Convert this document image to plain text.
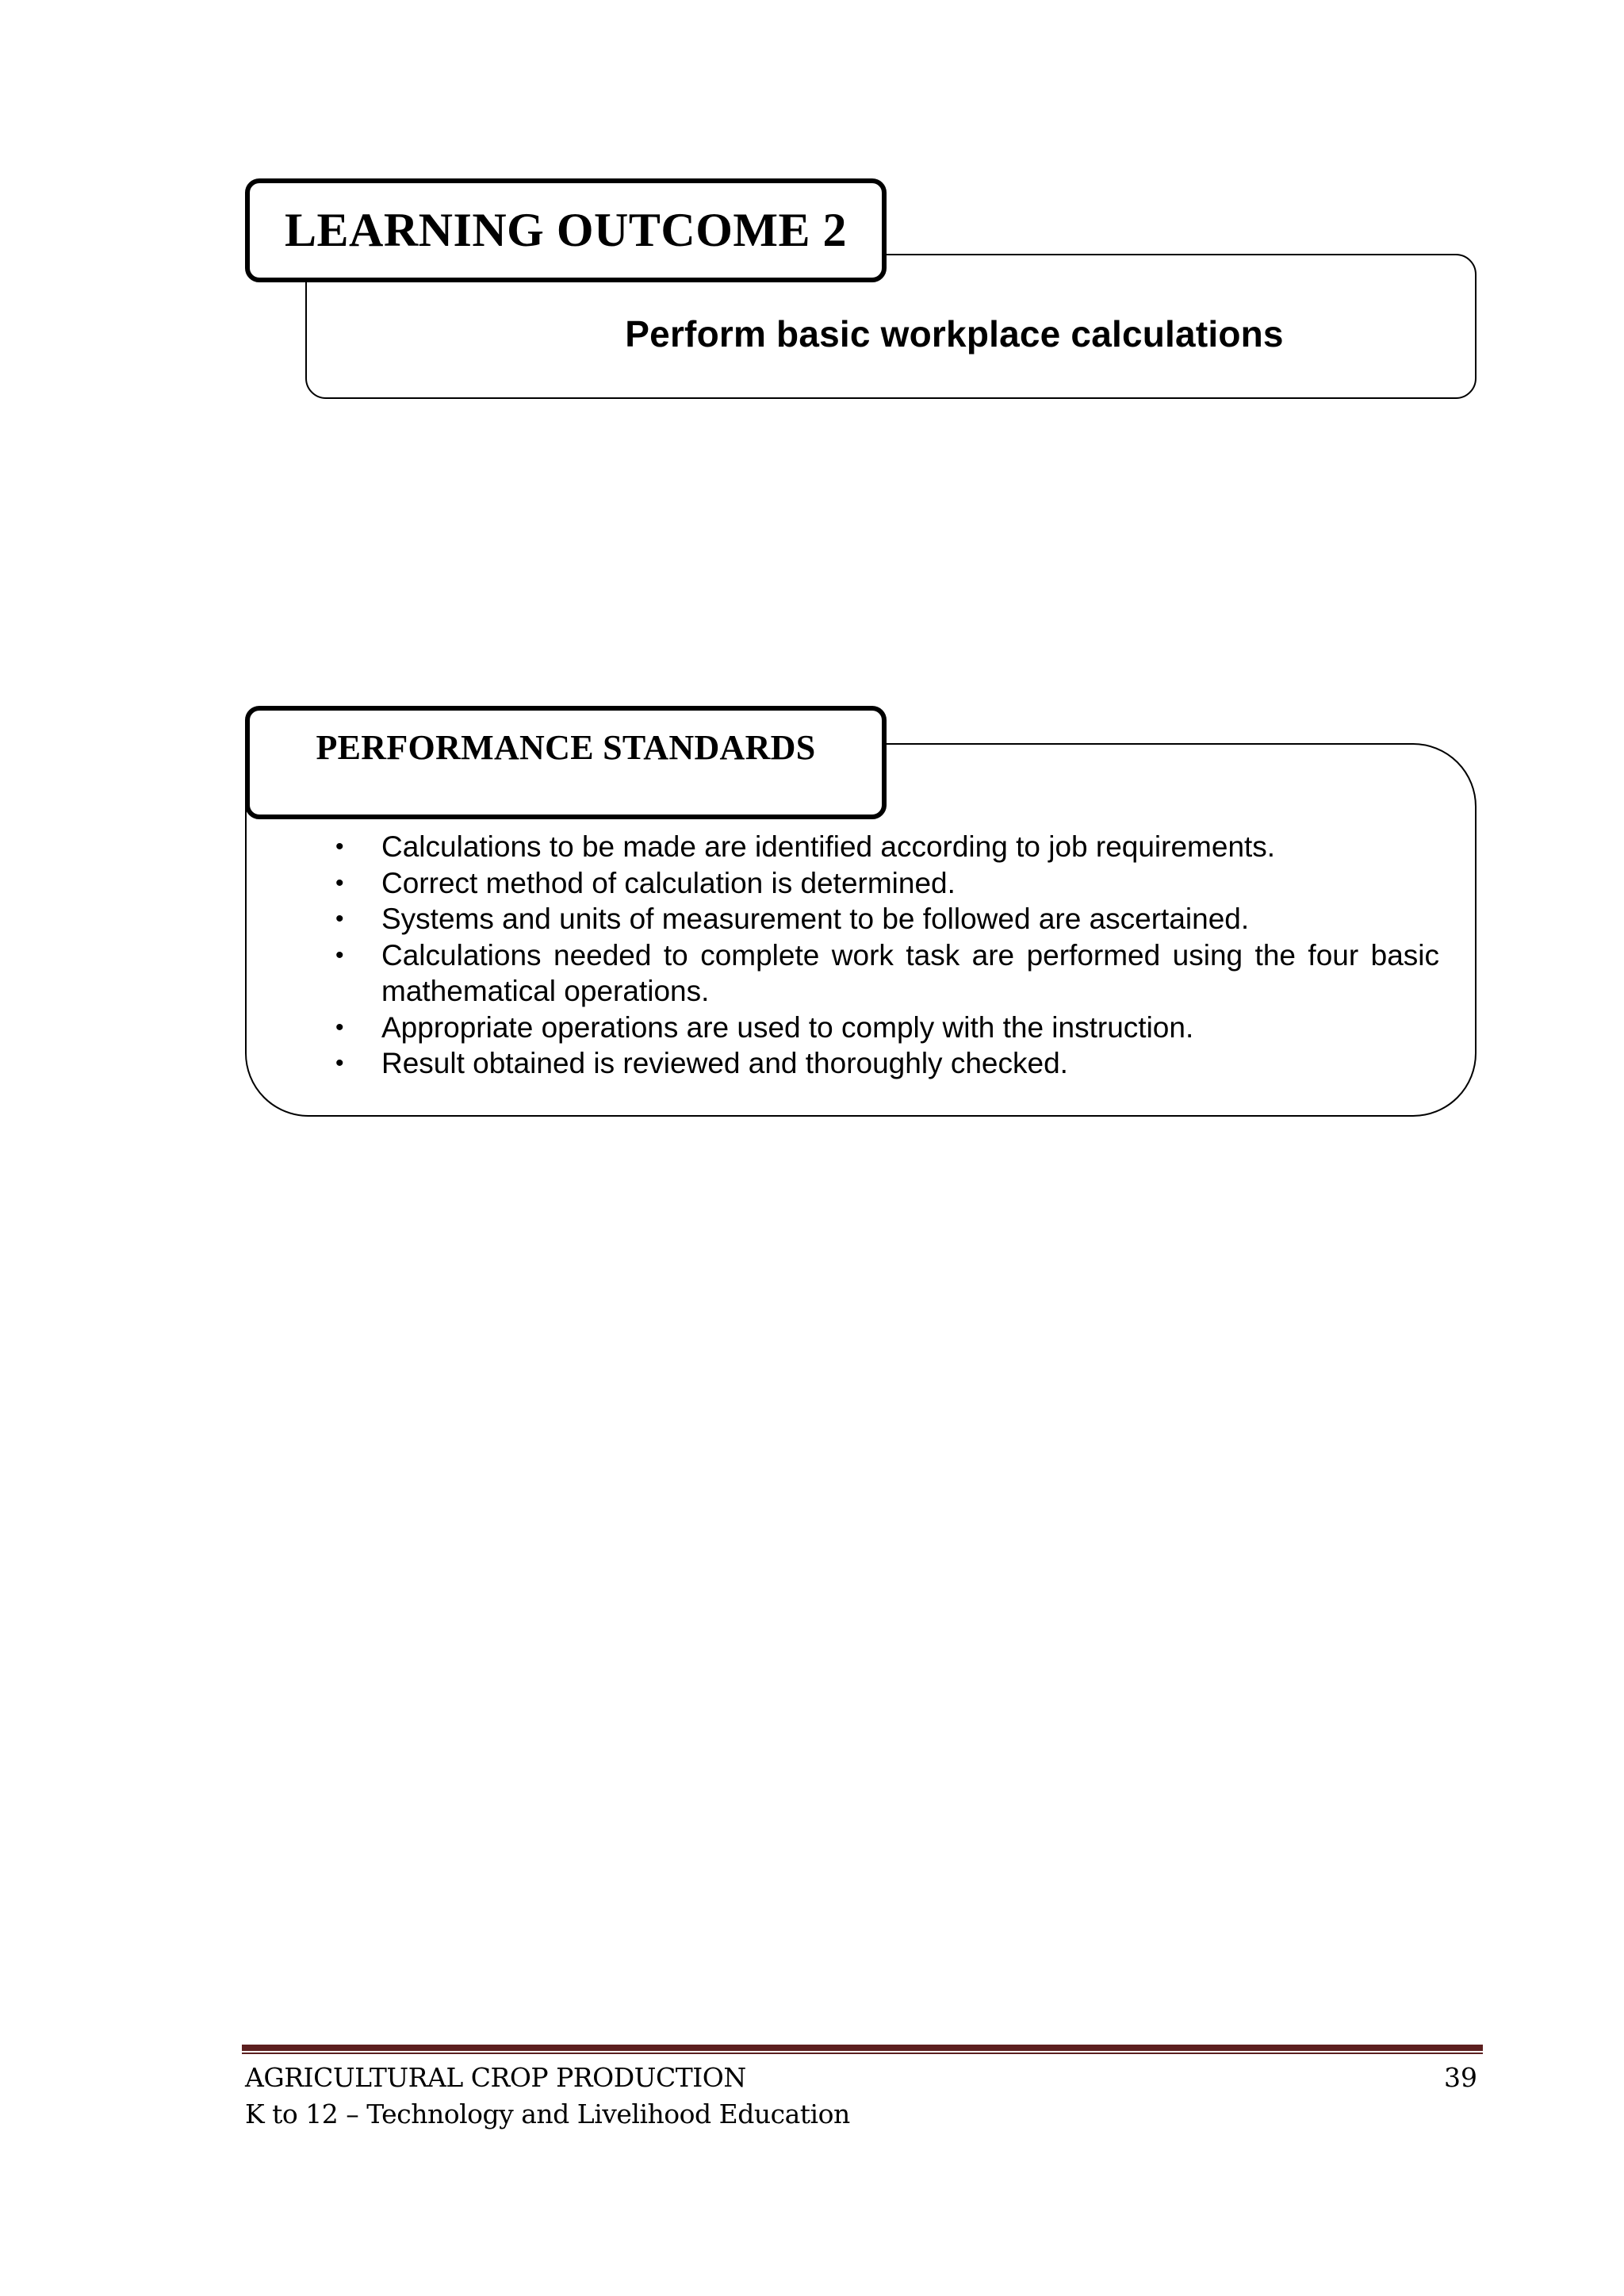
Perform basic workplace calculations
LEARNING OUTCOME 2
PERFORMANCE STANDARDS
• Calculations to be made are identified according to job requirements.
• Correct method of calculation is determined.
• Systems and units of measurement to be followed are ascertained.
• Calculations needed to complete work task are performed using the four basic mathematical operations.
• Appropriate operations are used to comply with the instruction.
• Result obtained is reviewed and thoroughly checked.
AGRICULTURAL CROP PRODUCTION	39
K to 12 – Technology and Livelihood Education
